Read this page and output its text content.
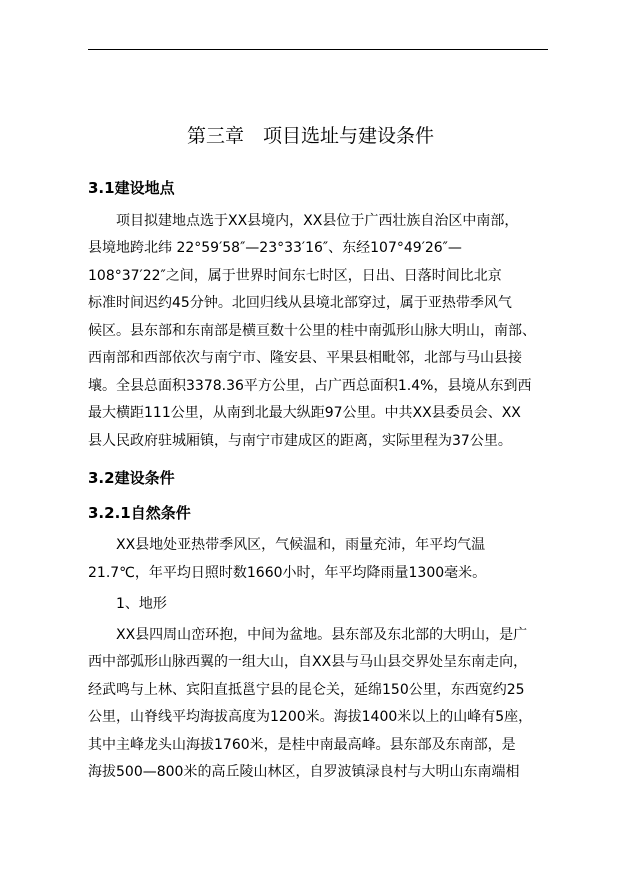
第三章　项目选址与建设条件
3.1建设地点

项目拟建地点选于XX县境内，XX县位于广西壮族自治区中南部，

县境地跨北纬 22°59′58″—23°33′16″、东经107°49′26″—

108°37′22″之间，属于世界时间东七时区，日出、日落时间比北京

标准时间迟约45分钟。北回归线从县境北部穿过，属于亚热带季风气

候区。县东部和东南部是横亘数十公里的桂中南弧形山脉大明山，南部、

西南部和西部依次与南宁市、隆安县、平果县相毗邻，北部与马山县接

壤。全县总面积3378.36平方公里，占广西总面积1.4%，县境从东到西

最大横距111公里，从南到北最大纵距97公里。中共XX县委员会、XX

县人民政府驻城厢镇，与南宁市建成区的距离，实际里程为37公里。

3.2建设条件
3.2.1自然条件

XX县地处亚热带季风区，气候温和，雨量充沛，年平均气温

21.7℃，年平均日照时数1660小时，年平均降雨量1300毫米。

1、地形

XX县四周山峦环抱，中间为盆地。县东部及东北部的大明山，是广

西中部弧形山脉西翼的一组大山，自XX县与马山县交界处呈东南走向，

经武鸣与上林、宾阳直抵邕宁县的昆仑关，延绵150公里，东西宽约25

公里，山脊线平均海拔高度为1200米。海拔1400米以上的山峰有5座，

其中主峰龙头山海拔1760米，是桂中南最高峰。县东部及东南部，是

海拔500—800米的高丘陵山林区，自罗波镇渌良村与大明山东南端相
